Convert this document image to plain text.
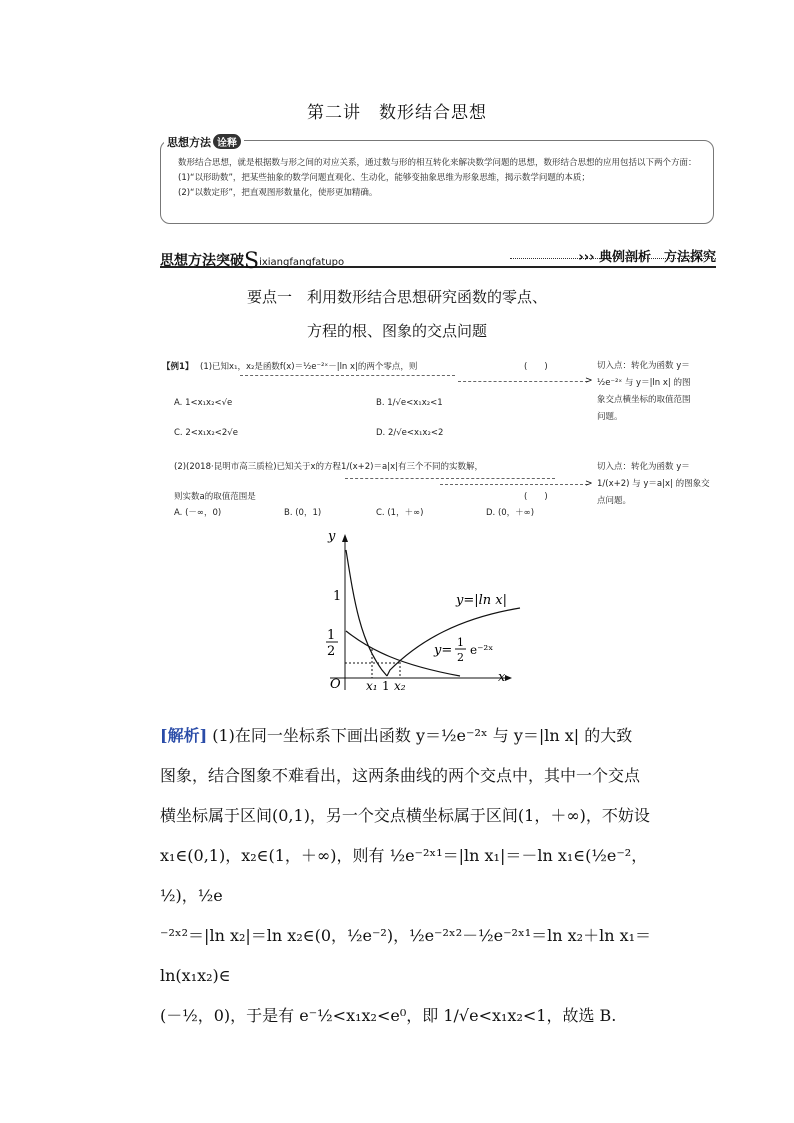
第二讲　数形结合思想
思想方法 诠释
数形结合思想，就是根据数与形之间的对应关系，通过数与形的相互转化来解决数学问题的思想，数形结合思想的应用包括以下两个方面：
(1)“以形助数”，把某些抽象的数学问题直观化、生动化，能够变抽象思维为形象思维，揭示数学问题的本质；
(2)“以数定形”，把直观图形数量化，使形更加精确。
思想方法突破Sixiangfangfatupo	››› 典例剖析　方法探究
要点一　利用数形结合思想研究函数的零点、
方程的根、图象的交点问题
【例1】 (1)已知x₁，x₂是函数f(x)＝½e⁻²ˣ－|ln x|的两个零点，则	(　　)
>
A. 1<x₁x₂<√e	B. 1/√e<x₁x₂<1
C. 2<x₁x₂<2√e	D. 2/√e<x₁x₂<2
(2)(2018·昆明市高三质检)已知关于x的方程1/(x+2)＝a|x|有三个不同的实数解，
>
则实数a的取值范围是	(　　)
A. (－∞，0)	B. (0，1)	C. (1，＋∞)	D. (0，＋∞)
切入点：转化为函数 y＝
½e⁻²ˣ 与 y＝|ln x| 的图
象交点横坐标的取值范围
问题。
切入点：转化为函数 y＝
1/(x+2) 与 y＝a|x| 的图象交
点问题。
y
x
O
1
1
2
x₁ 1 x₂
y=|ln x|
y=
1
2
e⁻²ˣ
[解析] (1)在同一坐标系下画出函数 y＝½e⁻²ˣ 与 y＝|ln x| 的大致
图象，结合图象不难看出，这两条曲线的两个交点中，其中一个交点
横坐标属于区间(0,1)，另一个交点横坐标属于区间(1，＋∞)，不妨设
x₁∈(0,1)，x₂∈(1，＋∞)，则有 ½e⁻²ˣ¹＝|ln x₁|＝－ln x₁∈(½e⁻²，½)，½e
⁻²ˣ²＝|ln x₂|＝ln x₂∈(0，½e⁻²)，½e⁻²ˣ²－½e⁻²ˣ¹＝ln x₂＋ln x₁＝ln(x₁x₂)∈
(－½，0)，于是有 e⁻½<x₁x₂<e⁰，即 1/√e<x₁x₂<1，故选 B.
